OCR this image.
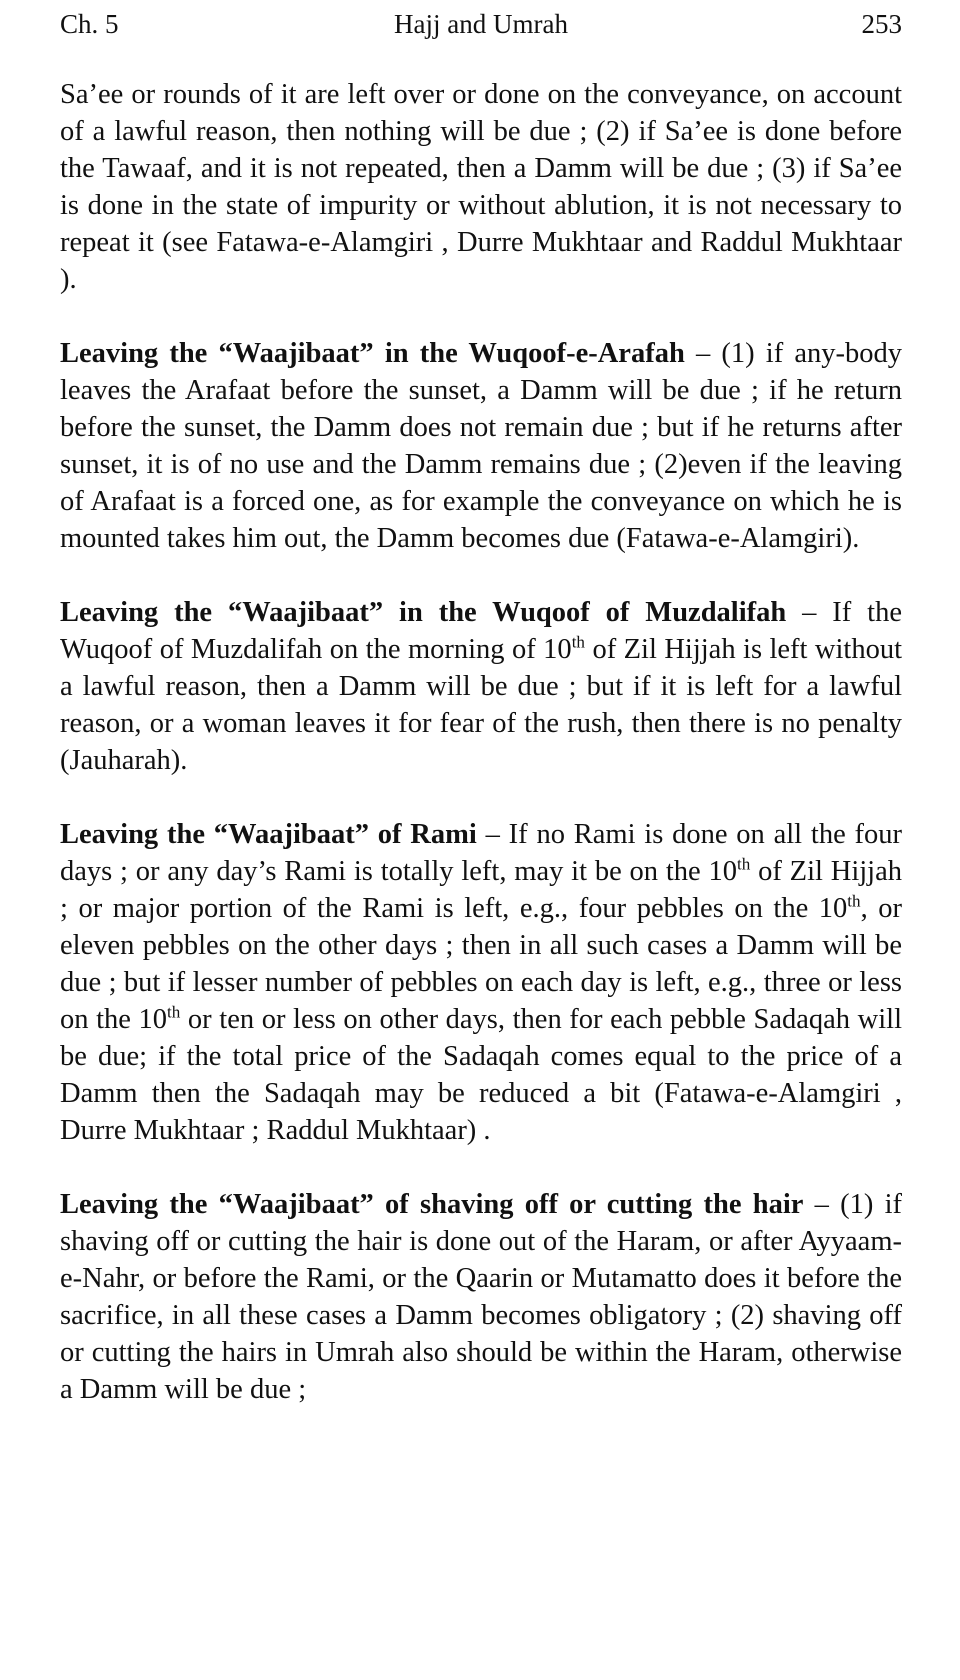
Ch. 5	Hajj and Umrah	253

Sa’ee or rounds of it are left over or done on the conveyance, on account of a lawful reason, then nothing will be due ; (2) if Sa’ee is done before the Tawaaf, and it is not repeated, then a Damm will be due ; (3) if Sa’ee is done in the state of impurity or without ablution, it is not necessary to repeat it (see Fatawa-e-Alamgiri , Durre Mukhtaar and Raddul Mukhtaar ).

Leaving the “Waajibaat” in the Wuqoof-e-Arafah – (1) if any-body leaves the Arafaat before the sunset, a Damm will be due ; if he return before the sunset, the Damm does not remain due ; but if he returns after sunset, it is of no use and the Damm remains due ; (2)even if the leaving of Arafaat is a forced one, as for example the conveyance on which he is mounted takes him out, the Damm becomes due (Fatawa-e-Alamgiri).

Leaving the “Waajibaat” in the Wuqoof of Muzdalifah – If the Wuqoof of Muzdalifah on the morning of 10th of Zil Hijjah is left without a lawful reason, then a Damm will be due ; but if it is left for a lawful reason, or a woman leaves it for fear of the rush, then there is no penalty (Jauharah).

Leaving the “Waajibaat” of Rami – If no Rami is done on all the four days ; or any day’s Rami is totally left, may it be on the 10th of Zil Hijjah ; or major portion of the Rami is left, e.g., four pebbles on the 10th, or eleven pebbles on the other days ; then in all such cases a Damm will be due ; but if lesser number of pebbles on each day is left, e.g., three or less on the 10th or ten or less on other days, then for each pebble Sadaqah will be due; if the total price of the Sadaqah comes equal to the price of a Damm then the Sadaqah may be reduced a bit (Fatawa-e-Alamgiri , Durre Mukhtaar ; Raddul Mukhtaar) .

Leaving the “Waajibaat” of shaving off or cutting the hair – (1) if shaving off or cutting the hair is done out of the Haram, or after Ayyaam-e-Nahr, or before the Rami, or the Qaarin or Mutamatto does it before the sacrifice, in all these cases a Damm becomes obligatory ; (2) shaving off or cutting the hairs in Umrah also should be within the Haram, otherwise a Damm will be due ;
